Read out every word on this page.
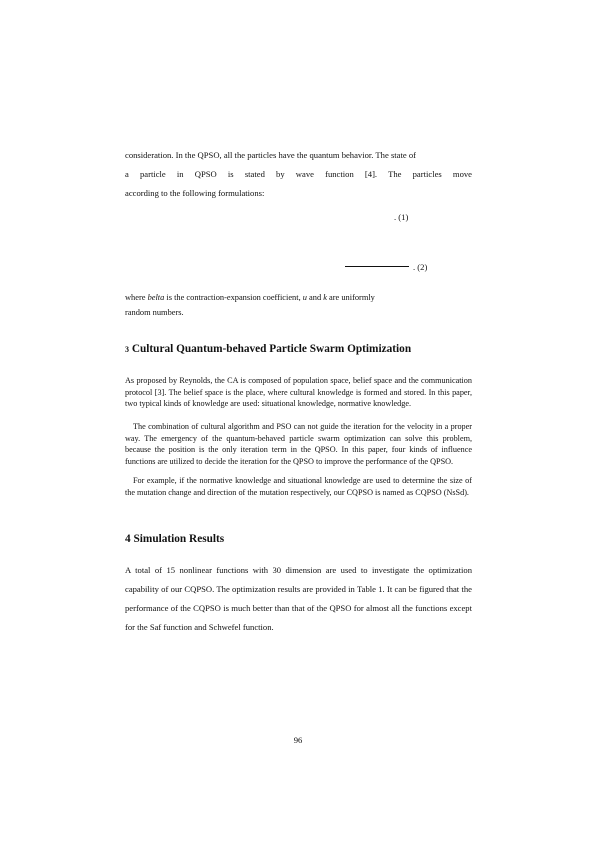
consideration. In the QPSO, all the particles have the quantum behavior. The state of
a particle in QPSO is stated by wave function [4]. The particles move
according to the following formulations:
. (1)
. (2)
where belta is the contraction-expansion coefficient, u and k are uniformly
random numbers.
3 Cultural Quantum-behaved Particle Swarm Optimization
As proposed by Reynolds, the CA is composed of population space, belief space and the communication protocol [3]. The belief space is the place, where cultural knowledge is formed and stored. In this paper, two typical kinds of knowledge are used: situational knowledge, normative knowledge.
The combination of cultural algorithm and PSO can not guide the iteration for the velocity in a proper way. The emergency of the quantum-behaved particle swarm optimization can solve this problem, because the position is the only iteration term in the QPSO. In this paper, four kinds of influence functions are utilized to decide the iteration for the QPSO to improve the performance of the QPSO.
For example, if the normative knowledge and situational knowledge are used to determine the size of the mutation change and direction of the mutation respectively, our CQPSO is named as CQPSO (NsSd).
4 Simulation Results
A total of 15 nonlinear functions with 30 dimension are used to investigate the optimization capability of our CQPSO. The optimization results are provided in Table 1. It can be figured that the performance of the CQPSO is much better than that of the QPSO for almost all the functions except for the Saf function and Schwefel function.
96
